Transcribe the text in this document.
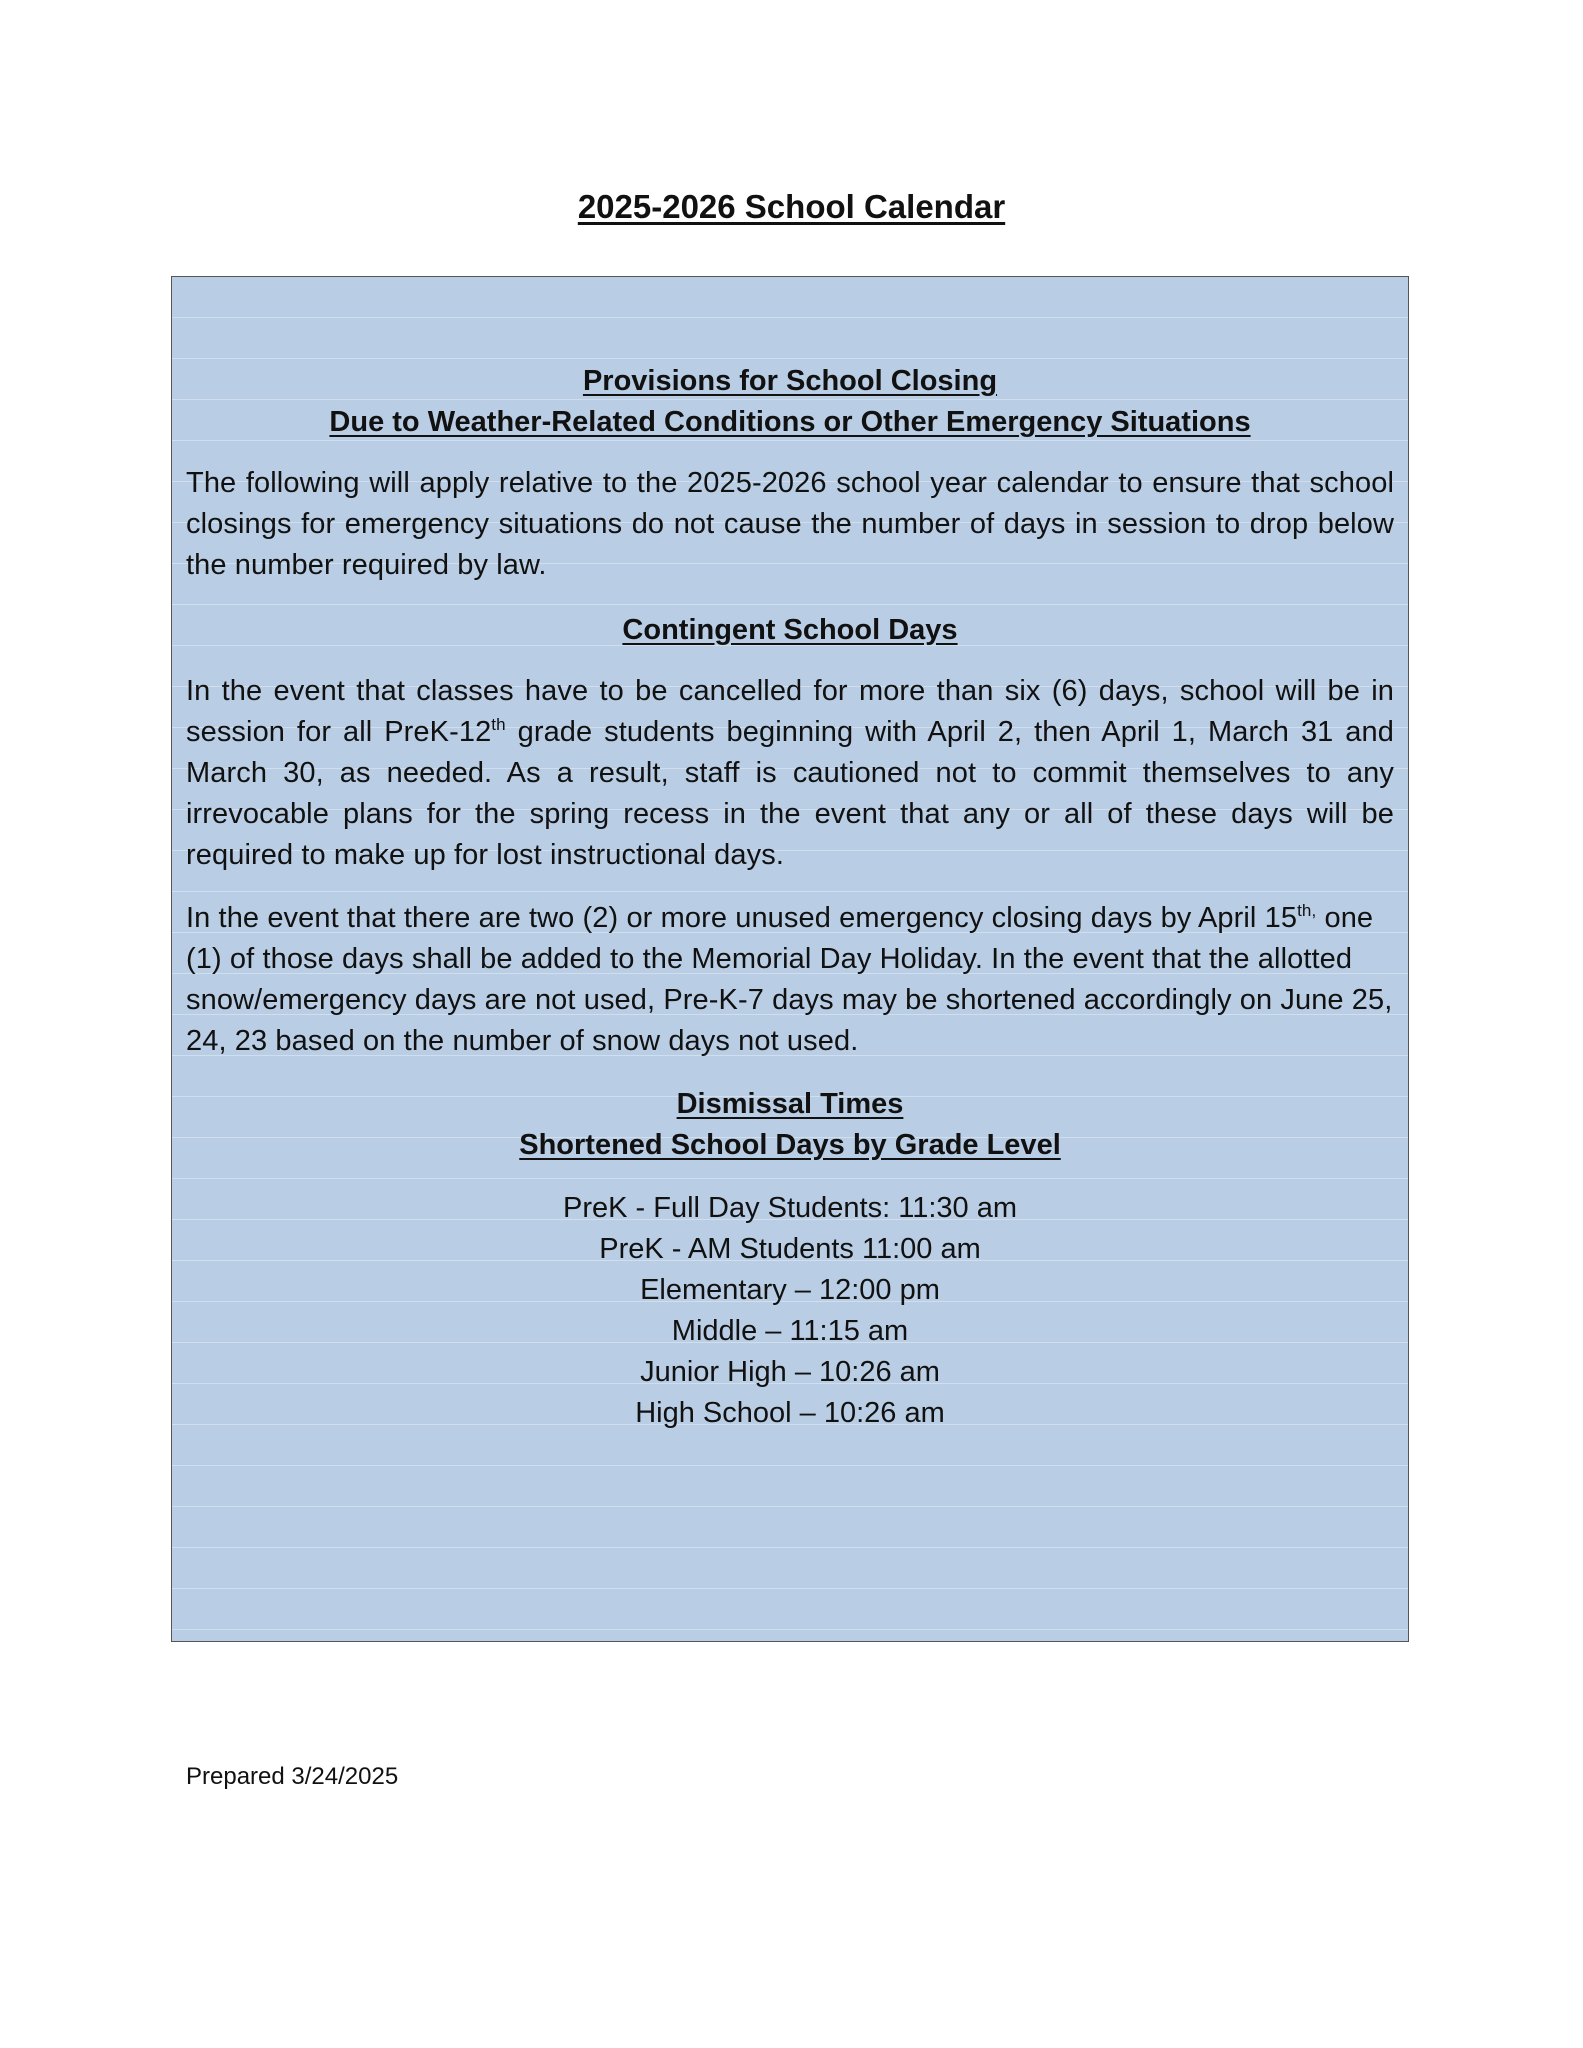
2025-2026 School Calendar

Provisions for School Closing

Due to Weather-Related Conditions or Other Emergency Situations

The following will apply relative to the 2025-2026 school year calendar to ensure that school closings for emergency situations do not cause the number of days in session to drop below the number required by law.

Contingent School Days

In the event that classes have to be cancelled for more than six (6) days, school will be in session for all PreK-12th grade students beginning with April 2, then April 1, March 31 and March 30, as needed. As a result, staff is cautioned not to commit themselves to any irrevocable plans for the spring recess in the event that any or all of these days will be required to make up for lost instructional days.

In the event that there are two (2) or more unused emergency closing days by April $15^{th,}$ one (1) of those days shall be added to the Memorial Day Holiday. In the event that the allotted snow/emergency days are not used, Pre-K-7 days may be shortened accordingly on June 25, 24, 23 based on the number of snow days not used.

Dismissal Times

Shortened School Days by Grade Level

PreK - Full Day Students: 11:30 am
PreK - AM Students 11:00 am
Elementary – 12:00 pm
Middle – 11:15 am
Junior High – 10:26 am
High School – 10:26 am
Prepared 3/24/2025
